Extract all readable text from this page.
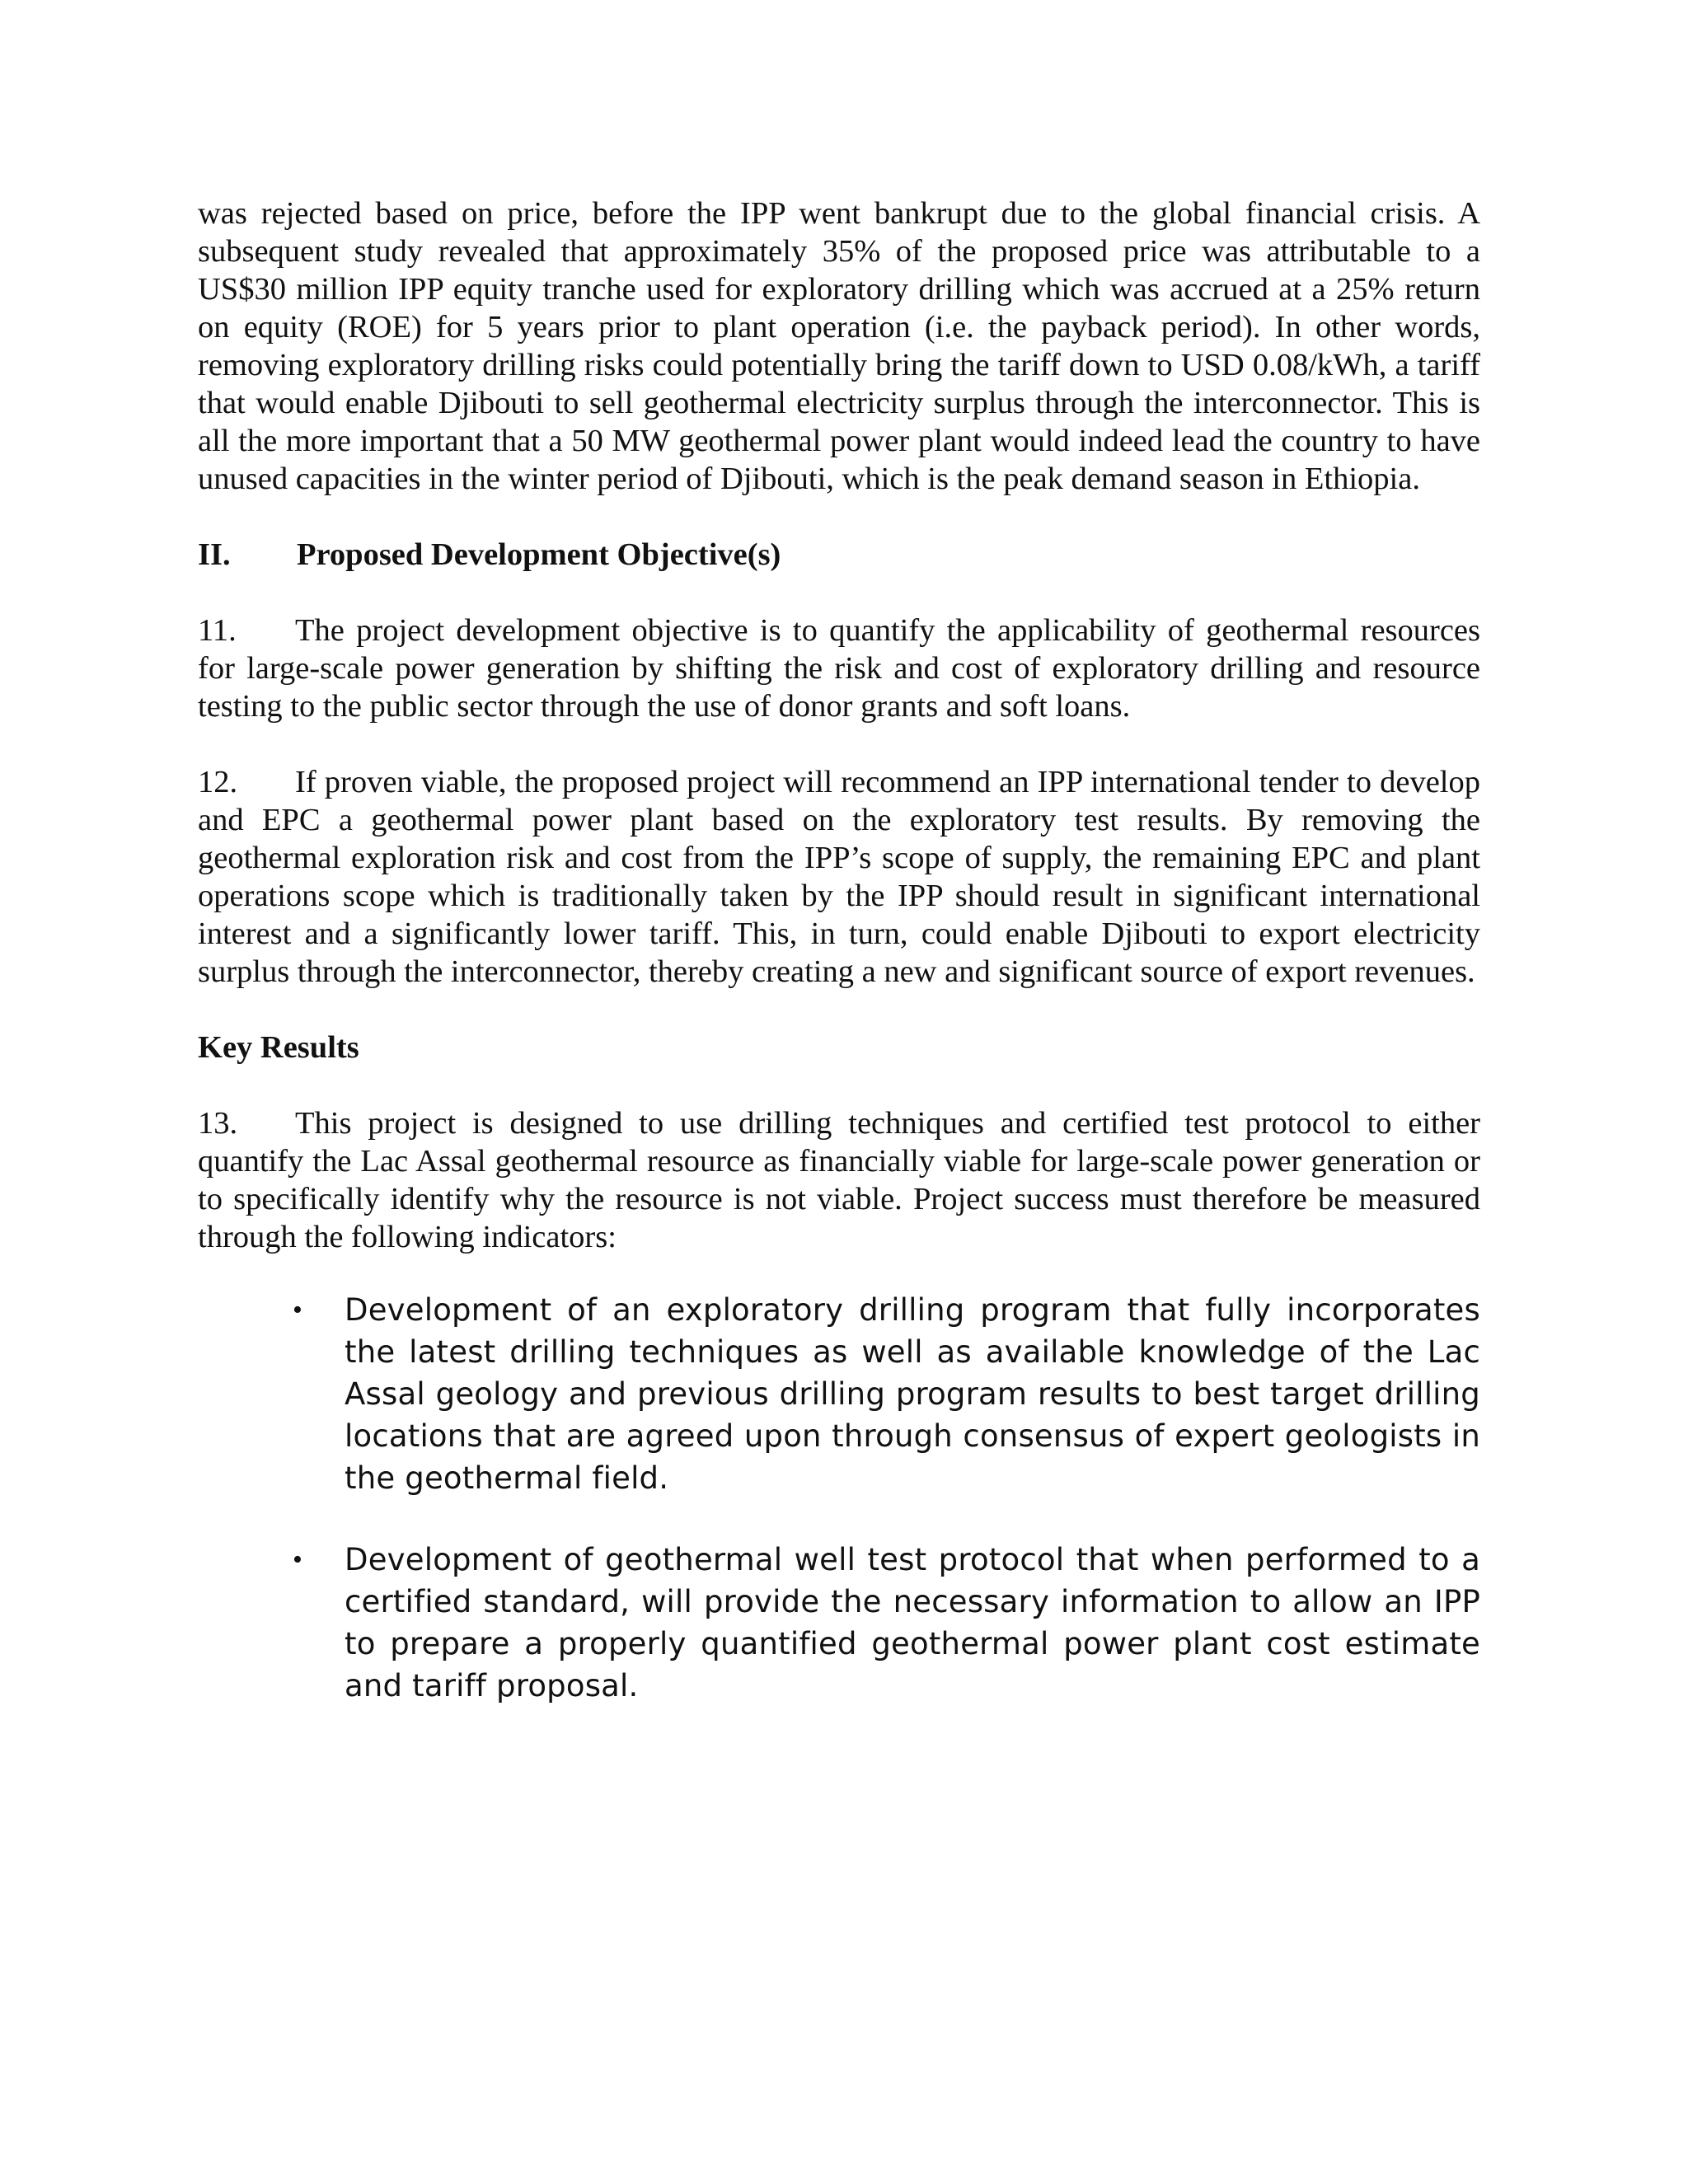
was rejected based on price, before the IPP went bankrupt due to the global financial crisis. A subsequent study revealed that approximately 35% of the proposed price was attributable to a US$30 million IPP equity tranche used for exploratory drilling which was accrued at a 25% return on equity (ROE) for 5 years prior to plant operation (i.e. the payback period). In other words, removing exploratory drilling risks could potentially bring the tariff down to USD 0.08/kWh, a tariff that would enable Djibouti to sell geothermal electricity surplus through the interconnector. This is all the more important that a 50 MW geothermal power plant would indeed lead the country to have unused capacities in the winter period of Djibouti, which is the peak demand season in Ethiopia.

II. Proposed Development Objective(s)

11. The project development objective is to quantify the applicability of geothermal resources for large-scale power generation by shifting the risk and cost of exploratory drilling and resource testing to the public sector through the use of donor grants and soft loans.

12. If proven viable, the proposed project will recommend an IPP international tender to develop and EPC a geothermal power plant based on the exploratory test results. By removing the geothermal exploration risk and cost from the IPP’s scope of supply, the remaining EPC and plant operations scope which is traditionally taken by the IPP should result in significant international interest and a significantly lower tariff. This, in turn, could enable Djibouti to export electricity surplus through the interconnector, thereby creating a new and significant source of export revenues.

Key Results

13. This project is designed to use drilling techniques and certified test protocol to either quantify the Lac Assal geothermal resource as financially viable for large-scale power generation or to specifically identify why the resource is not viable. Project success must therefore be measured through the following indicators:

• Development of an exploratory drilling program that fully incorporates the latest drilling techniques as well as available knowledge of the Lac Assal geology and previous drilling program results to best target drilling locations that are agreed upon through consensus of expert geologists in the geothermal field.
• Development of geothermal well test protocol that when performed to a certified standard, will provide the necessary information to allow an IPP to prepare a properly quantified geothermal power plant cost estimate and tariff proposal.
